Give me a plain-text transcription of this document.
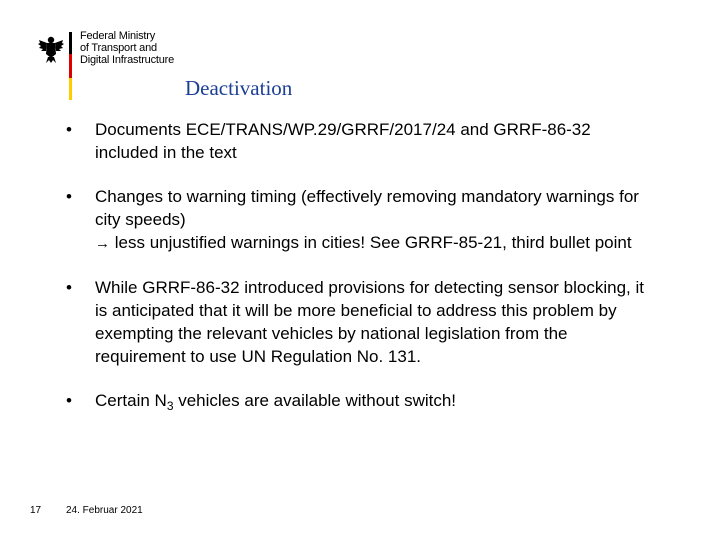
Federal Ministry
of Transport and
Digital Infrastructure
Deactivation
• Documents ECE/TRANS/WP.29/GRRF/2017/24 and GRRF-86-32 included in the text
• Changes to warning timing (effectively removing mandatory warnings for city speeds)
→ less unjustified warnings in cities! See GRRF-85-21, third bullet point
• While GRRF-86-32 introduced provisions for detecting sensor blocking, it is anticipated that it will be more beneficial to address this problem by exempting the relevant vehicles by national legislation from the requirement to use UN Regulation No. 131.
• Certain $N_3$ vehicles are available without switch!
17 24. Februar 2021
